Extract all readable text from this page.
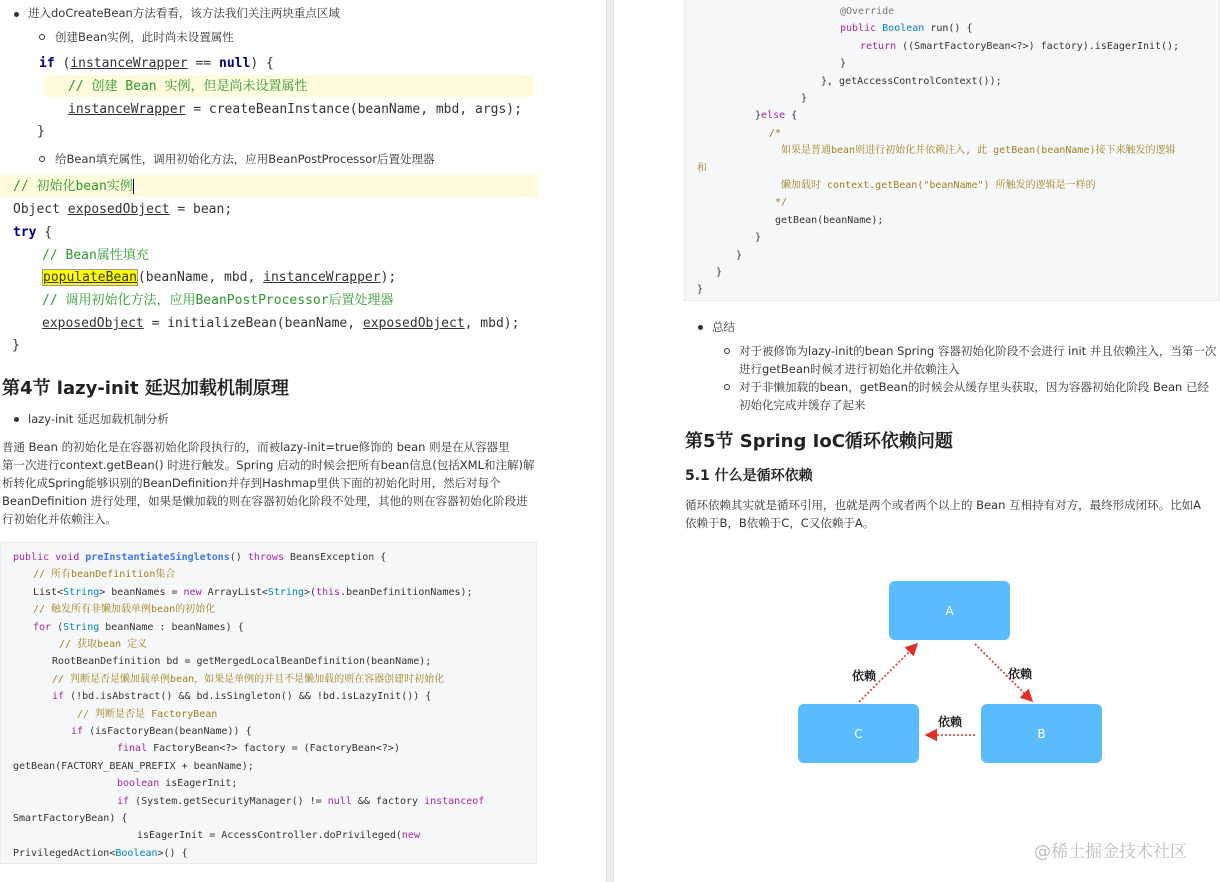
进入doCreateBean方法看看，该方法我们关注两块重点区域
创建Bean实例，此时尚未设置属性
if (instanceWrapper == null) {
// 创建 Bean 实例，但是尚未设置属性
instanceWrapper = createBeanInstance(beanName, mbd, args);
}
给Bean填充属性，调用初始化方法，应用BeanPostProcessor后置处理器
// 初始化bean实例
Object exposedObject = bean;
try {
// Bean属性填充
populateBean(beanName, mbd, instanceWrapper);
// 调用初始化方法，应用BeanPostProcessor后置处理器
exposedObject = initializeBean(beanName, exposedObject, mbd);
}
第4节 lazy-init 延迟加载机制原理
lazy-init 延迟加载机制分析
普通 Bean 的初始化是在容器初始化阶段执行的，而被lazy-init=true修饰的 bean 则是在从容器里
第一次进行context.getBean() 时进行触发。Spring 启动的时候会把所有bean信息(包括XML和注解)解
析转化成Spring能够识别的BeanDefinition并存到Hashmap里供下面的初始化时用，然后对每个
BeanDefinition 进行处理，如果是懒加载的则在容器初始化阶段不处理，其他的则在容器初始化阶段进
行初始化并依赖注入。
public void preInstantiateSingletons() throws BeansException {
// 所有beanDefinition集合
List<String> beanNames = new ArrayList<String>(this.beanDefinitionNames);
// 触发所有非懒加载单例bean的初始化
for (String beanName : beanNames) {
// 获取bean 定义
RootBeanDefinition bd = getMergedLocalBeanDefinition(beanName);
// 判断是否是懒加载单例bean，如果是单例的并且不是懒加载的则在容器创建时初始化
if (!bd.isAbstract() && bd.isSingleton() && !bd.isLazyInit()) {
// 判断是否是 FactoryBean
if (isFactoryBean(beanName)) {
final FactoryBean<?> factory = (FactoryBean<?>)
getBean(FACTORY_BEAN_PREFIX + beanName);
boolean isEagerInit;
if (System.getSecurityManager() != null && factory instanceof
SmartFactoryBean) {
isEagerInit = AccessController.doPrivileged(new
PrivilegedAction<Boolean>() {
@Override
public Boolean run() {
return ((SmartFactoryBean<?>) factory).isEagerInit();
}
}, getAccessControlContext());
}
}else {
/*
如果是普通bean则进行初始化并依赖注入, 此 getBean(beanName)接下来触发的逻辑
和
懒加载时 context.getBean("beanName") 所触发的逻辑是一样的
*/
getBean(beanName);
}
}
}
}
总结
对于被修饰为lazy-init的bean Spring 容器初始化阶段不会进行 init 并且依赖注入，当第一次
进行getBean时候才进行初始化并依赖注入
对于非懒加载的bean，getBean的时候会从缓存里头获取，因为容器初始化阶段 Bean 已经
初始化完成并缓存了起来
第5节 Spring IoC循环依赖问题
5.1 什么是循环依赖
循环依赖其实就是循环引用，也就是两个或者两个以上的 Bean 互相持有对方，最终形成闭环。比如A
依赖于B，B依赖于C，C又依赖于A。
A
B
C
依赖	依赖
依赖
@稀土掘金技术社区
